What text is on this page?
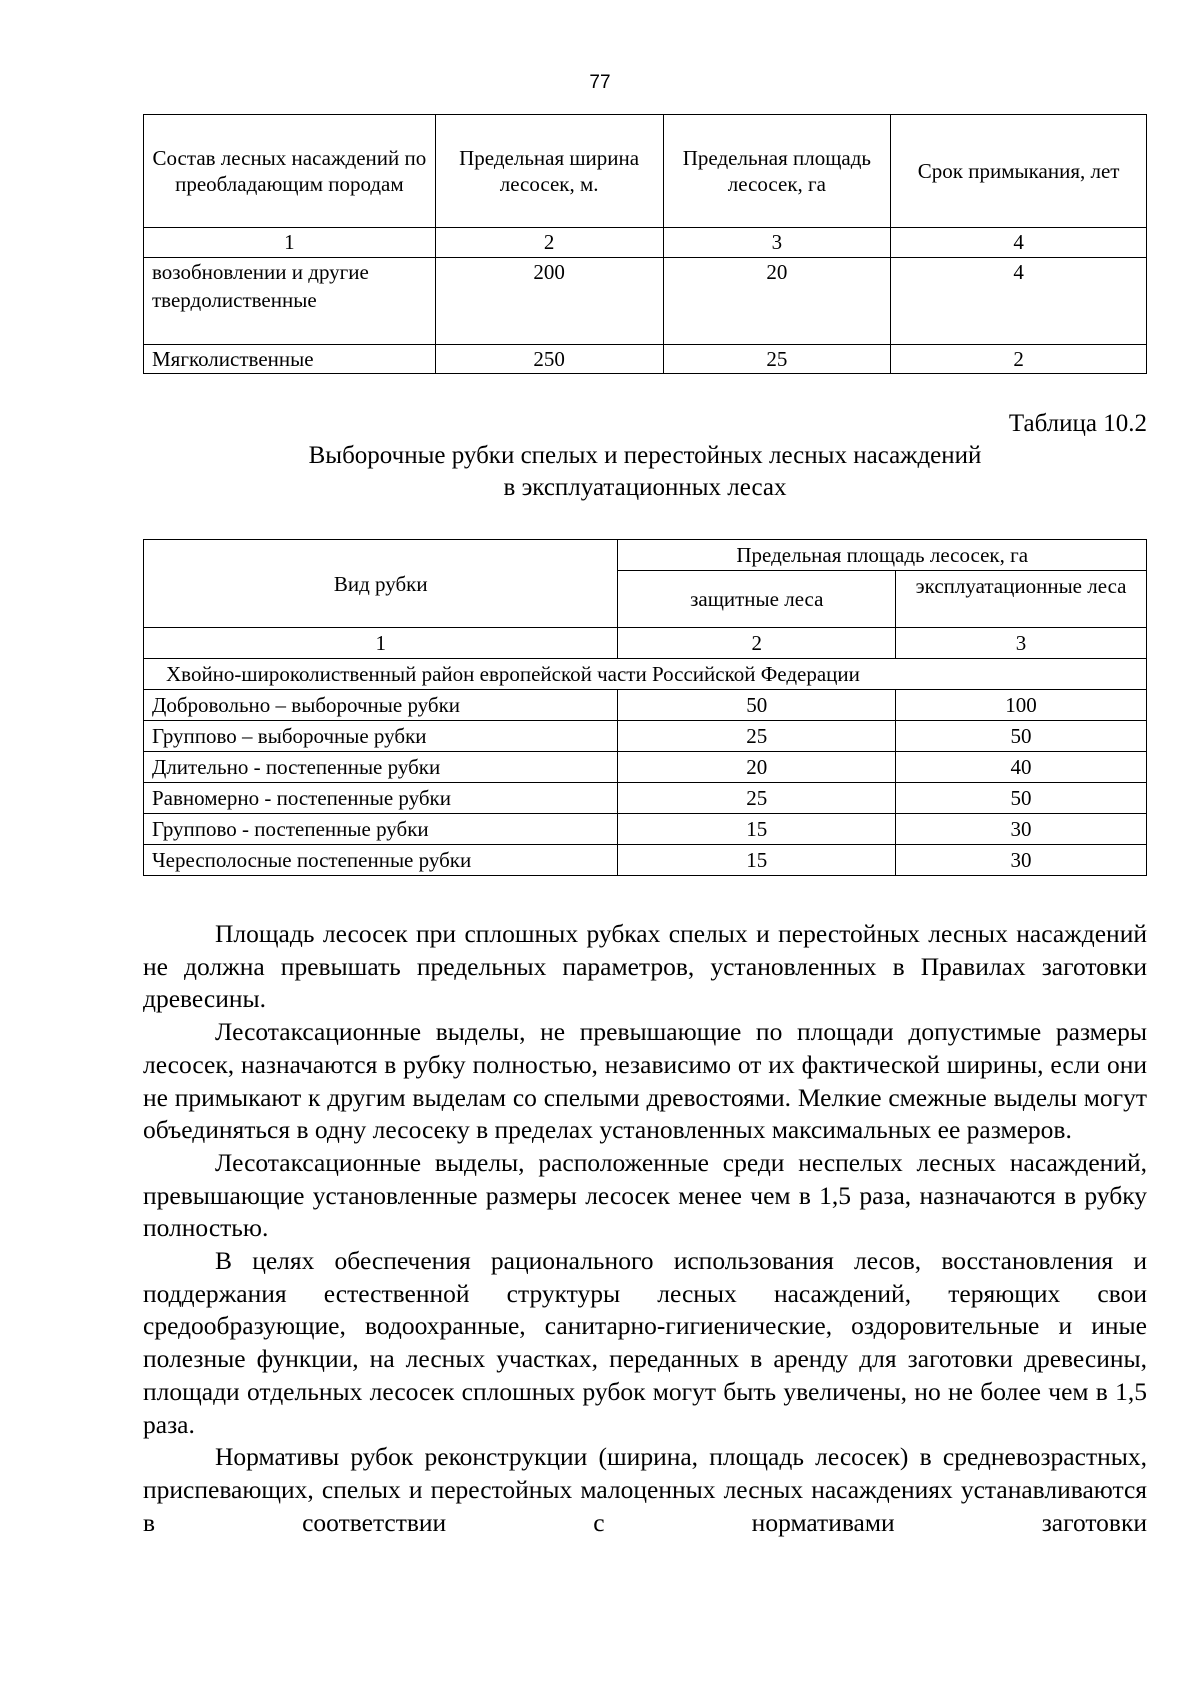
77
Состав лесных насаждений по преобладающим породам	Предельная ширина лесосек, м.	Предельная площадь лесосек, га	Срок примыкания, лет
1	2	3	4
возобновлении и другие твердолиственные	200	20	4
Мягколиственные	250	25	2
Таблица 10.2
Выборочные рубки спелых и перестойных лесных насаждений
в эксплуатационных лесах
Вид рубки	Предельная площадь лесосек, га	
	защитные леса	эксплуатационные леса
1	2	3
Хвойно-широколиственный район европейской части Российской Федерации		
Добровольно – выборочные рубки	50	100
Группово – выборочные рубки	25	50
Длительно - постепенные рубки	20	40
Равномерно - постепенные рубки	25	50
Группово - постепенные рубки	15	30
Чересполосные постепенные рубки	15	30

Площадь лесосек при сплошных рубках спелых и перестойных лесных насаждений не должна превышать предельных параметров, установленных в Правилах заготовки древесины.

Лесотаксационные выделы, не превышающие по площади допустимые размеры лесосек, назначаются в рубку полностью, независимо от их фактической ширины, если они не примыкают к другим выделам со спелыми древостоями. Мелкие смежные выделы могут объединяться в одну лесосеку в пределах установленных максимальных ее размеров.

Лесотаксационные выделы, расположенные среди неспелых лесных насаждений, превышающие установленные размеры лесосек менее чем в 1,5 раза, назначаются в рубку полностью.

В целях обеспечения рационального использования лесов, восстановления и поддержания естественной структуры лесных насаждений, теряющих свои средообразующие, водоохранные, санитарно-гигиенические, оздоровительные и иные полезные функции, на лесных участках, переданных в аренду для заготовки древесины, площади отдельных лесосек сплошных рубок могут быть увеличены, но не более чем в 1,5 раза.

Нормативы рубок реконструкции (ширина, площадь лесосек) в средневозрастных, приспевающих, спелых и перестойных малоценных лесных насаждениях устанавливаются в соответствии с нормативами заготовки
